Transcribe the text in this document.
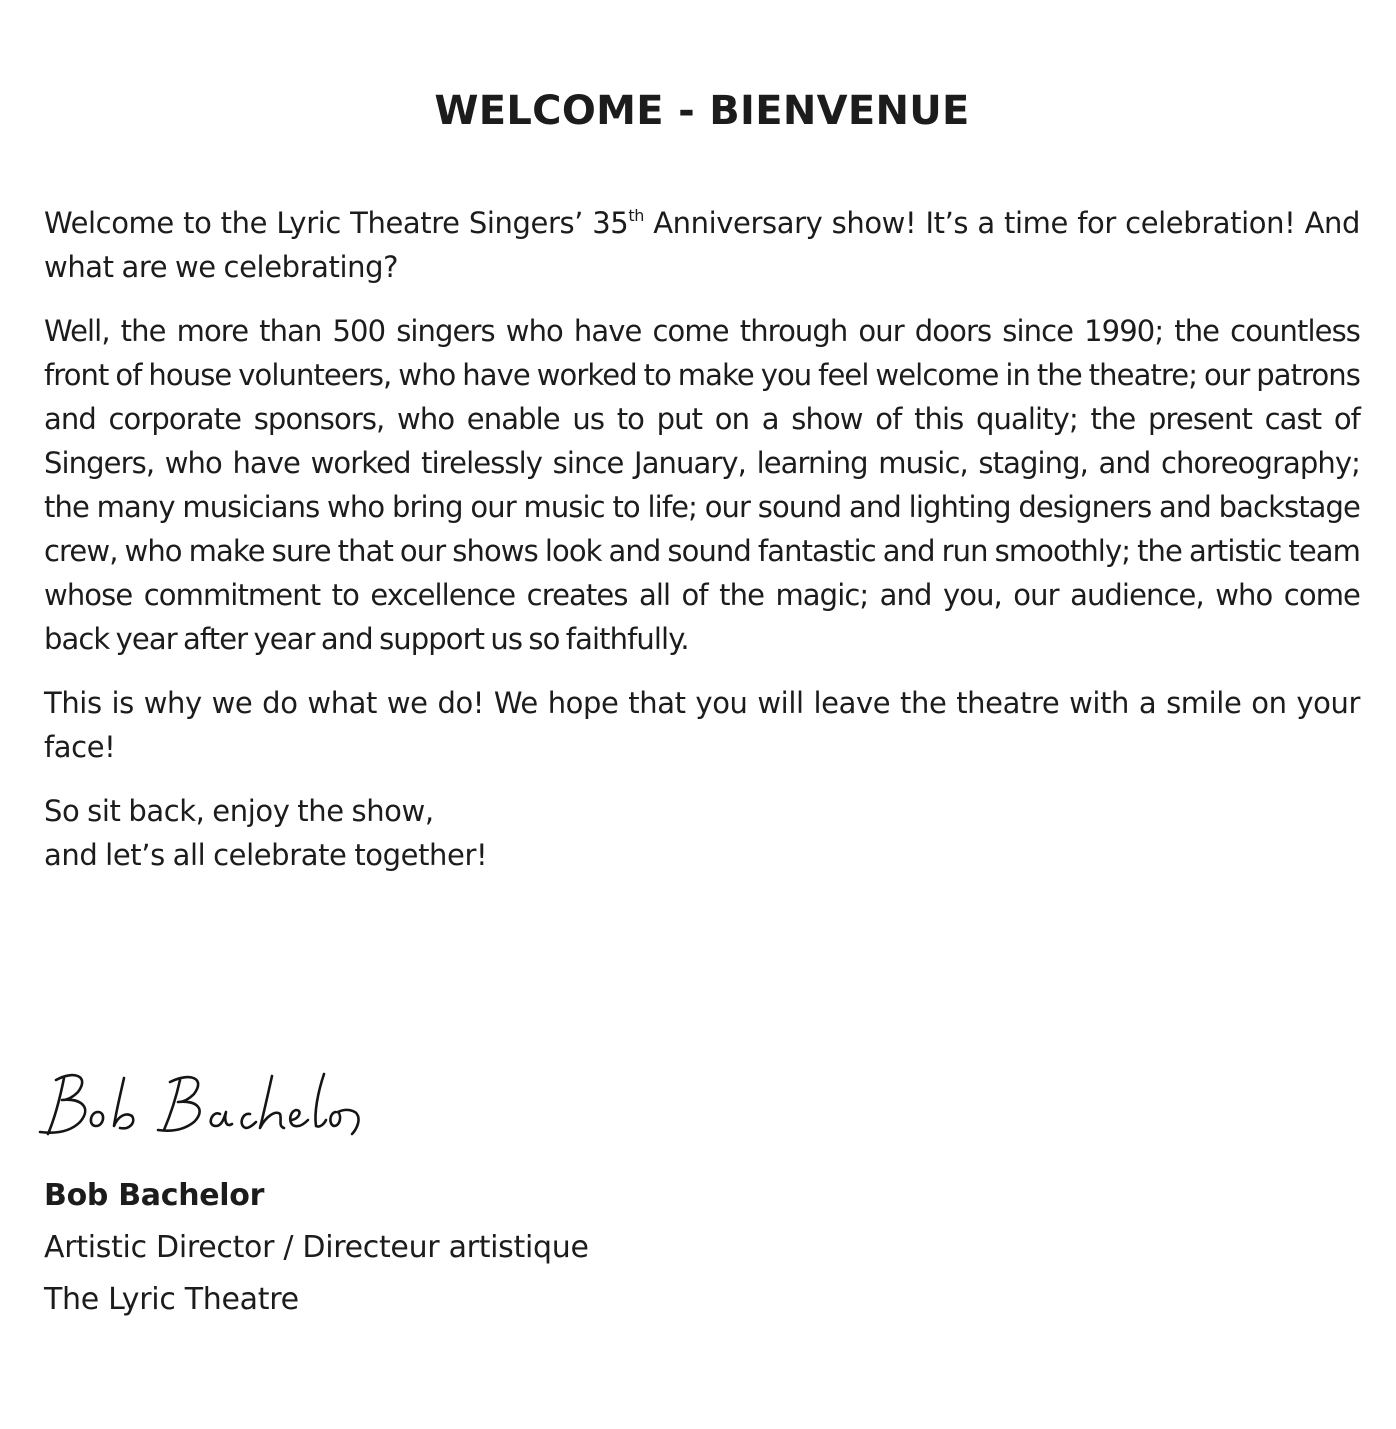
WELCOME - BIENVENUE

Welcome to the Lyric Theatre Singers’ 35th Anniversary show! It’s a time for celebration! And what are we celebrating?

Well, the more than 500 singers who have come through our doors since 1990; the countless front of house volunteers, who have worked to make you feel welcome in the theatre; our patrons and corporate sponsors, who enable us to put on a show of this quality; the present cast of Singers, who have worked tirelessly since January, learning music, staging, and choreography; the many musicians who bring our music to life; our sound and lighting designers and backstage crew, who make sure that our shows look and sound fantastic and run smoothly; the artistic team whose commitment to excellence creates all of the magic; and you, our audience, who come back year after year and support us so faithfully.

This is why we do what we do! We hope that you will leave the theatre with a smile on your face!

So sit back, enjoy the show,
and let’s all celebrate together!

Bob Bachelor
Artistic Director / Directeur artistique
The Lyric Theatre
